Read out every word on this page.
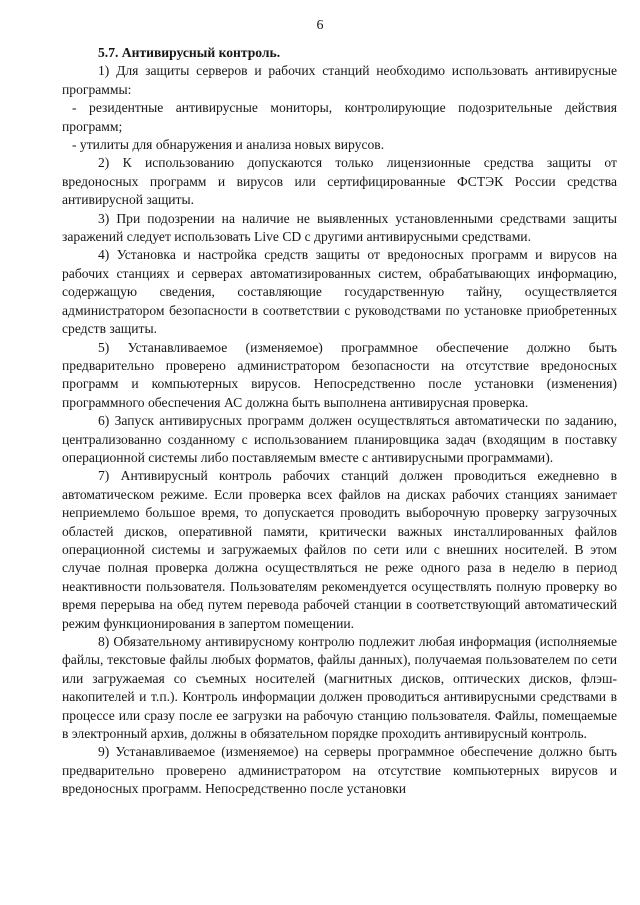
6

5.7. Антивирусный контроль.

1) Для защиты серверов и рабочих станций необходимо использовать антивирусные программы:

- резидентные антивирусные мониторы, контролирующие подозрительные действия программ;

- утилиты для обнаружения и анализа новых вирусов.

2) К использованию допускаются только лицензионные средства защиты от вредоносных программ и вирусов или сертифицированные ФСТЭК России средства антивирусной защиты.

3) При подозрении на наличие не выявленных установленными средствами защиты заражений следует использовать Live CD с другими антивирусными средствами.

4) Установка и настройка средств защиты от вредоносных программ и вирусов на рабочих станциях и серверах автоматизированных систем, обрабатывающих информацию, содержащую сведения, составляющие государственную тайну, осуществляется администратором безопасности в соответствии с руководствами по установке приобретенных средств защиты.

5) Устанавливаемое (изменяемое) программное обеспечение должно быть предварительно проверено администратором безопасности на отсутствие вредоносных программ и компьютерных вирусов. Непосредственно после установки (изменения) программного обеспечения АС должна быть выполнена антивирусная проверка.

6) Запуск антивирусных программ должен осуществляться автоматически по заданию, централизованно созданному с использованием планировщика задач (входящим в поставку операционной системы либо поставляемым вместе с антивирусными программами).

7) Антивирусный контроль рабочих станций должен проводиться ежедневно в автоматическом режиме. Если проверка всех файлов на дисках рабочих станциях занимает неприемлемо большое время, то допускается проводить выборочную проверку загрузочных областей дисков, оперативной памяти, критически важных инсталлированных файлов операционной системы и загружаемых файлов по сети или с внешних носителей. В этом случае полная проверка должна осуществляться не реже одного раза в неделю в период неактивности пользователя. Пользователям рекомендуется осуществлять полную проверку во время перерыва на обед путем перевода рабочей станции в соответствующий автоматический режим функционирования в запертом помещении.

8) Обязательному антивирусному контролю подлежит любая информация (исполняемые файлы, текстовые файлы любых форматов, файлы данных), получаемая пользователем по сети или загружаемая со съемных носителей (магнитных дисков, оптических дисков, флэш-накопителей и т.п.). Контроль информации должен проводиться антивирусными средствами в процессе или сразу после ее загрузки на рабочую станцию пользователя. Файлы, помещаемые в электронный архив, должны в обязательном порядке проходить антивирусный контроль.

9) Устанавливаемое (изменяемое) на серверы программное обеспечение должно быть предварительно проверено администратором на отсутствие компьютерных вирусов и вредоносных программ. Непосредственно после установки
